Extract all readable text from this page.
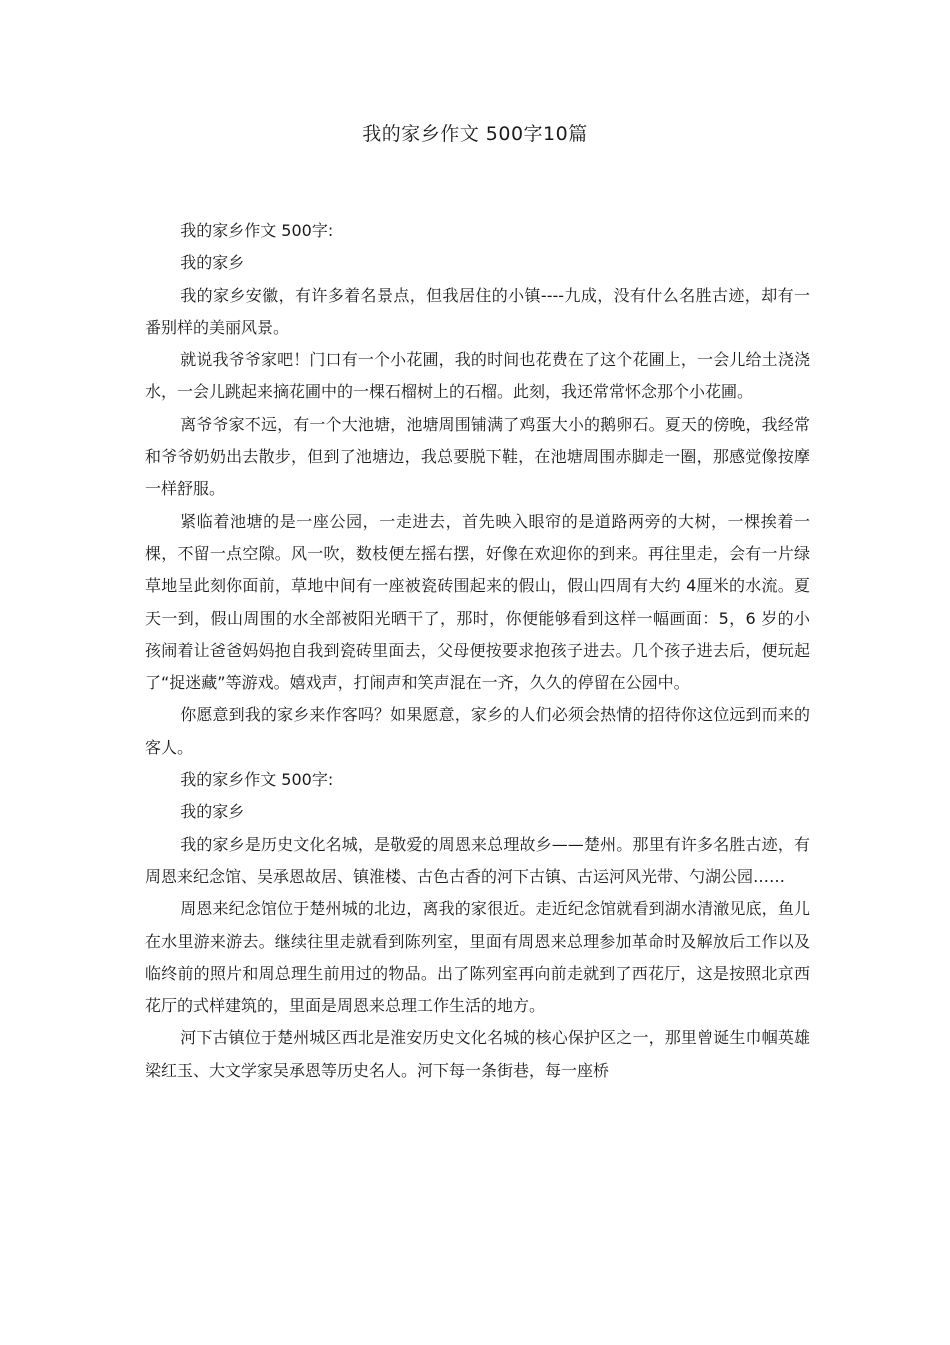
我的家乡作文 500字10篇

我的家乡作文 500字:

我的家乡

我的家乡安徽，有许多着名景点，但我居住的小镇----九成，没有什么名胜古迹，却有一番别样的美丽风景。

就说我爷爷家吧！门口有一个小花圃，我的时间也花费在了这个花圃上，一会儿给土浇浇水，一会儿跳起来摘花圃中的一棵石榴树上的石榴。此刻，我还常常怀念那个小花圃。

离爷爷家不远，有一个大池塘，池塘周围铺满了鸡蛋大小的鹅卵石。夏天的傍晚，我经常和爷爷奶奶出去散步，但到了池塘边，我总要脱下鞋，在池塘周围赤脚走一圈，那感觉像按摩一样舒服。

紧临着池塘的是一座公园，一走进去，首先映入眼帘的是道路两旁的大树，一棵挨着一棵，不留一点空隙。风一吹，数枝便左摇右摆，好像在欢迎你的到来。再往里走，会有一片绿草地呈此刻你面前，草地中间有一座被瓷砖围起来的假山，假山四周有大约 4厘米的水流。夏天一到，假山周围的水全部被阳光晒干了，那时，你便能够看到这样一幅画面：5，6 岁的小孩闹着让爸爸妈妈抱自我到瓷砖里面去，父母便按要求抱孩子进去。几个孩子进去后，便玩起了“捉迷藏”等游戏。嬉戏声，打闹声和笑声混在一齐，久久的停留在公园中。

你愿意到我的家乡来作客吗？如果愿意，家乡的人们必须会热情的招待你这位远到而来的客人。

我的家乡作文 500字:

我的家乡

我的家乡是历史文化名城，是敬爱的周恩来总理故乡——楚州。那里有许多名胜古迹，有周恩来纪念馆、吴承恩故居、镇淮楼、古色古香的河下古镇、古运河风光带、勺湖公园……

周恩来纪念馆位于楚州城的北边，离我的家很近。走近纪念馆就看到湖水清澈见底，鱼儿在水里游来游去。继续往里走就看到陈列室，里面有周恩来总理参加革命时及解放后工作以及临终前的照片和周总理生前用过的物品。出了陈列室再向前走就到了西花厅，这是按照北京西花厅的式样建筑的，里面是周恩来总理工作生活的地方。

河下古镇位于楚州城区西北是淮安历史文化名城的核心保护区之一，那里曾诞生巾帼英雄梁红玉、大文学家吴承恩等历史名人。河下每一条街巷，每一座桥
